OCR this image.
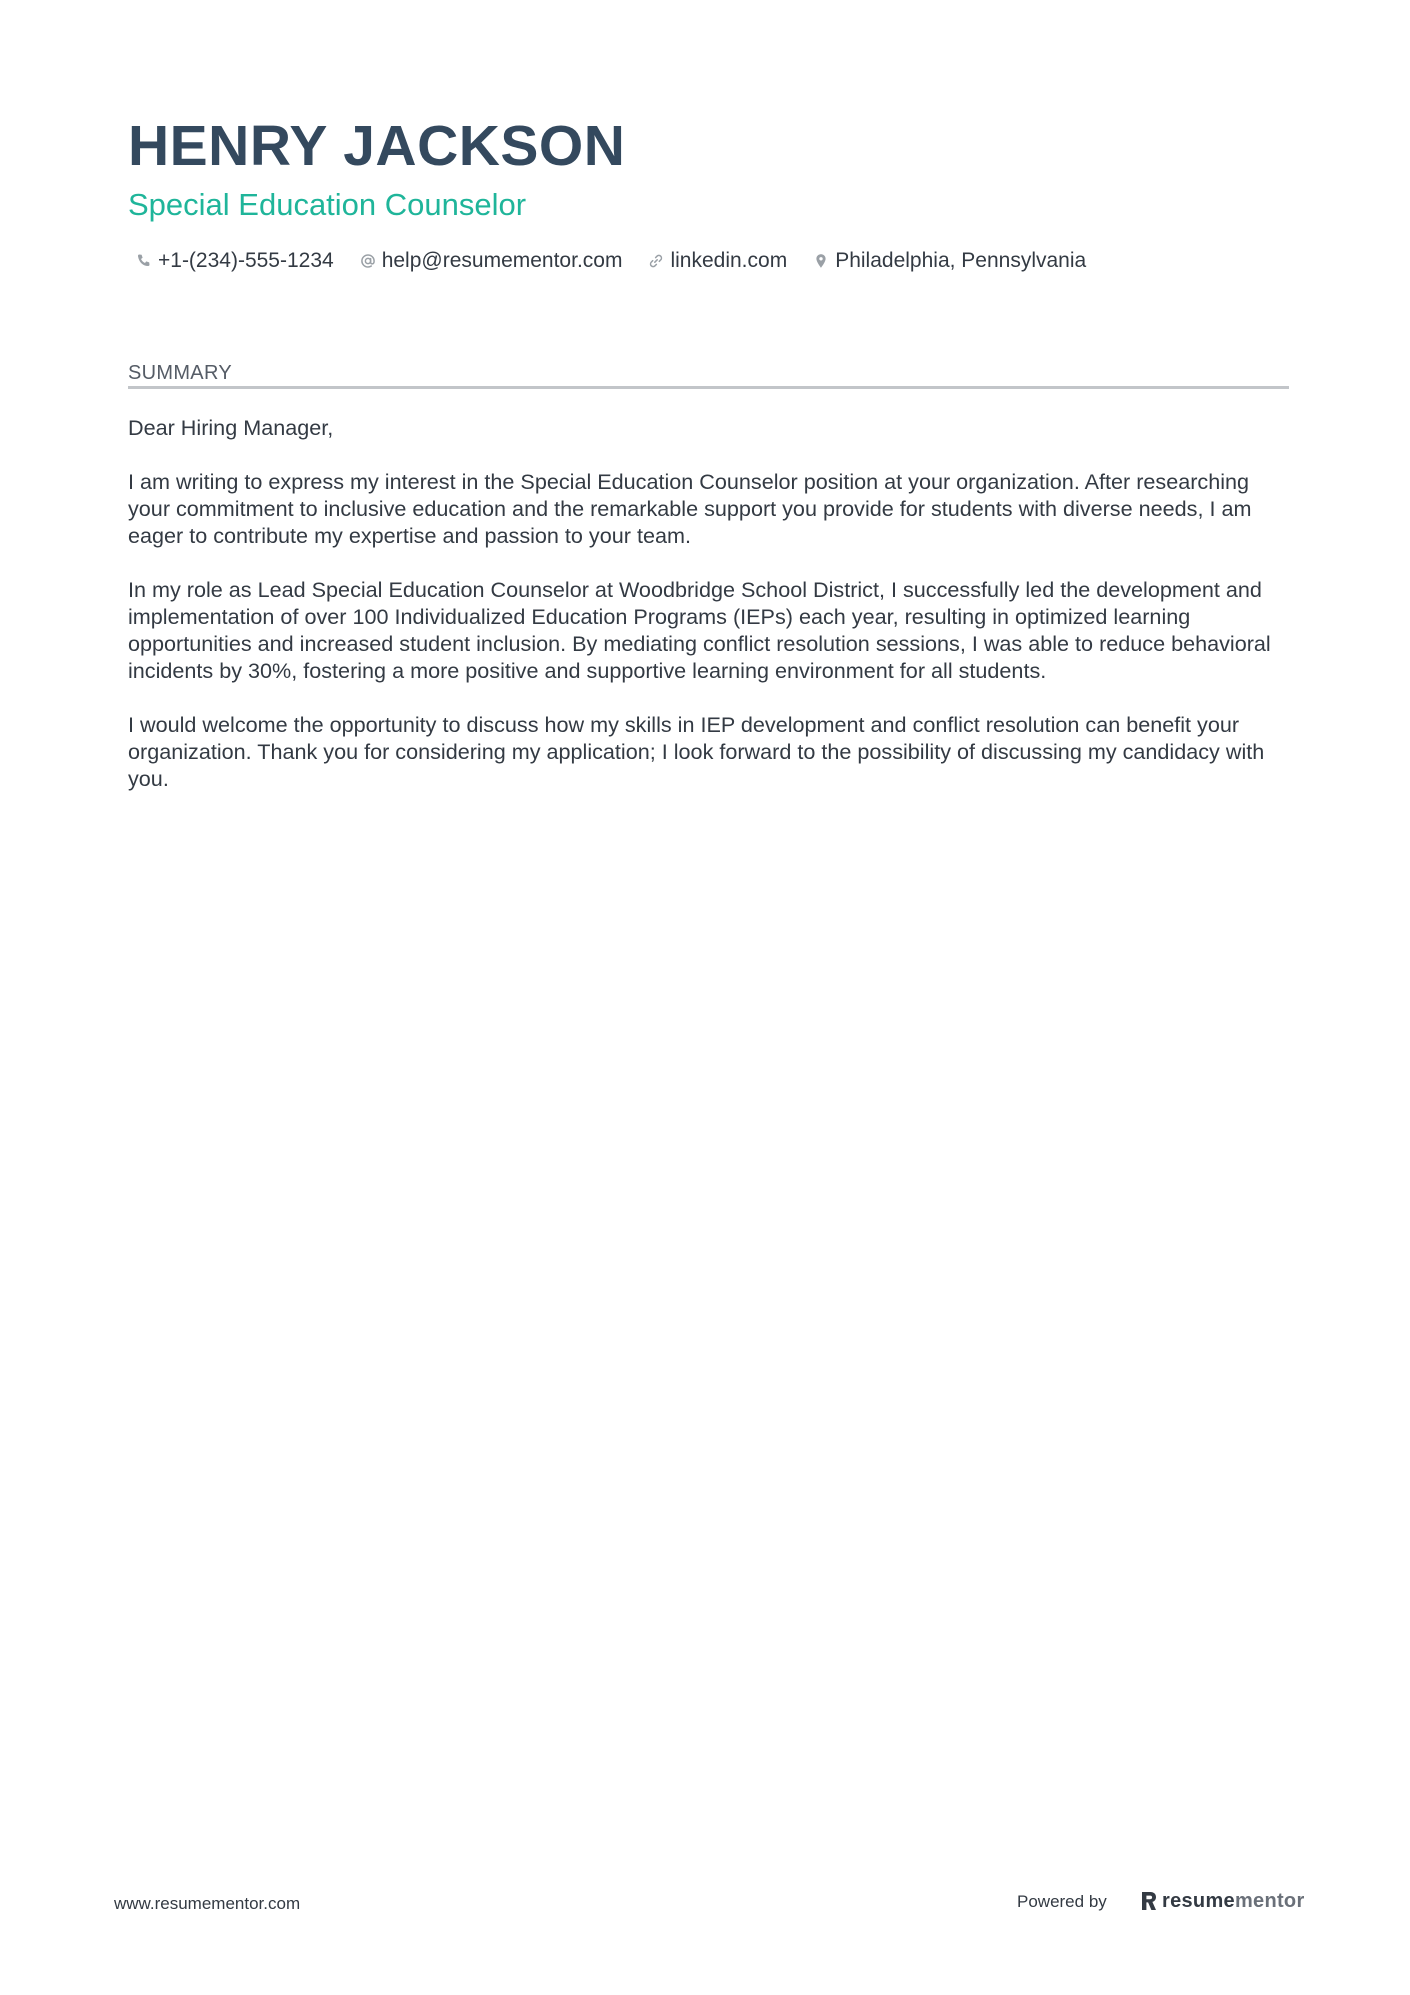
HENRY JACKSON
Special Education Counselor
+1-(234)-555-1234 help@resumementor.com linkedin.com Philadelphia, Pennsylvania
SUMMARY

Dear Hiring Manager,

I am writing to express my interest in the Special Education Counselor position at your organization. After researching your commitment to inclusive education and the remarkable support you provide for students with diverse needs, I am eager to contribute my expertise and passion to your team.

In my role as Lead Special Education Counselor at Woodbridge School District, I successfully led the development and implementation of over 100 Individualized Education Programs (IEPs) each year, resulting in optimized learning opportunities and increased student inclusion. By mediating conflict resolution sessions, I was able to reduce behavioral incidents by 30%, fostering a more positive and supportive learning environment for all students.

I would welcome the opportunity to discuss how my skills in IEP development and conflict resolution can benefit your organization. Thank you for considering my application; I look forward to the possibility of discussing my candidacy with you.

www.resumementor.com	Powered by	resume mentor
